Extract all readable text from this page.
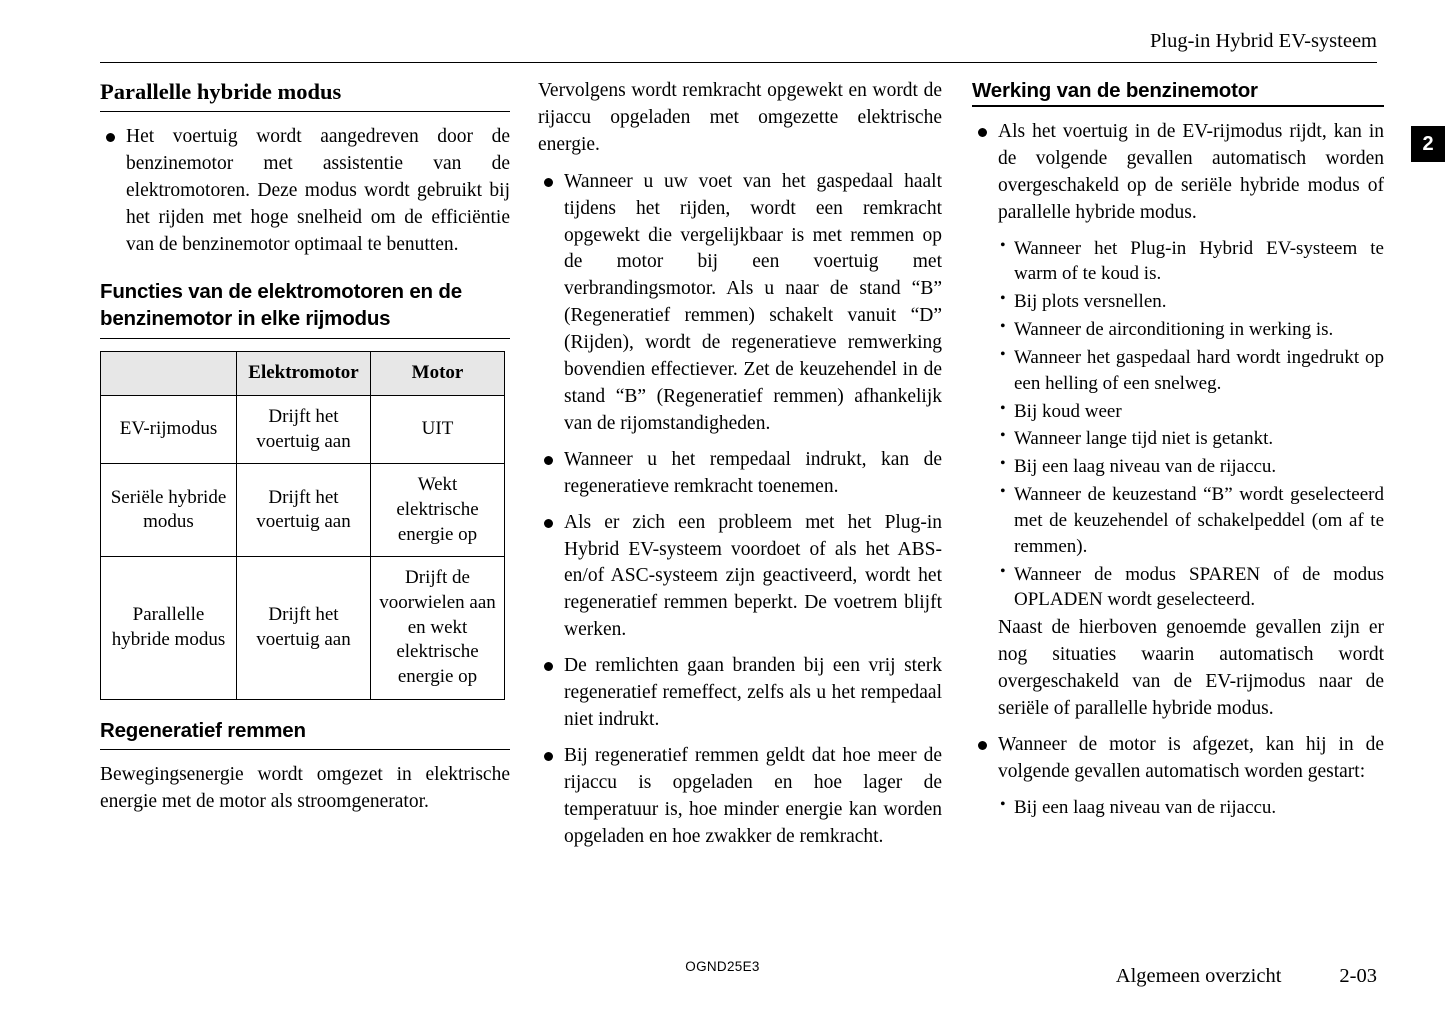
Plug-in Hybrid EV-systeem
2
Parallelle hybride modus
Het voertuig wordt aangedreven door de benzinemotor met assistentie van de elektromotoren. Deze modus wordt gebruikt bij het rijden met hoge snelheid om de efficiëntie van de benzinemotor optimaal te benutten.
Functies van de elektromotoren en de benzinemotor in elke rijmodus
	Elektromotor	Motor
EV-rijmodus	Drijft het voertuig aan	UIT
Seriële hybride modus	Drijft het voertuig aan	Wekt elektrische energie op
Parallelle hybride modus	Drijft het voertuig aan	Drijft de voorwielen aan en wekt elektrische energie op
Regeneratief remmen

Bewegingsenergie wordt omgezet in elektrische energie met de motor als stroomgenerator.

Vervolgens wordt remkracht opgewekt en wordt de rijaccu opgeladen met omgezette elektrische energie.

Wanneer u uw voet van het gaspedaal haalt tijdens het rijden, wordt een remkracht opgewekt die vergelijkbaar is met remmen op de motor bij een voertuig met verbrandingsmotor. Als u naar de stand “B” (Regeneratief remmen) schakelt vanuit “D” (Rijden), wordt de regeneratieve remwerking bovendien effectiever. Zet de keuzehendel in de stand “B” (Regeneratief remmen) afhankelijk van de rijomstandigheden.
Wanneer u het rempedaal indrukt, kan de regeneratieve remkracht toenemen.
Als er zich een probleem met het Plug-in Hybrid EV-systeem voordoet of als het ABS- en/of ASC-systeem zijn geactiveerd, wordt het regeneratief remmen beperkt. De voetrem blijft werken.
De remlichten gaan branden bij een vrij sterk regeneratief remeffect, zelfs als u het rempedaal niet indrukt.
Bij regeneratief remmen geldt dat hoe meer de rijaccu is opgeladen en hoe lager de temperatuur is, hoe minder energie kan worden opgeladen en hoe zwakker de remkracht.
Werking van de benzinemotor
Als het voertuig in de EV-rijmodus rijdt, kan in de volgende gevallen automatisch worden overgeschakeld op de seriële hybride modus of parallelle hybride modus.
• Wanneer het Plug-in Hybrid EV-systeem te warm of te koud is.
• Bij plots versnellen.
• Wanneer de airconditioning in werking is.
• Wanneer het gaspedaal hard wordt ingedrukt op een helling of een snelweg.
• Bij koud weer
• Wanneer lange tijd niet is getankt.
• Bij een laag niveau van de rijaccu.
• Wanneer de keuzestand “B” wordt geselecteerd met de keuzehendel of schakelpeddel (om af te remmen).
• Wanneer de modus SPAREN of de modus OPLADEN wordt geselecteerd.
Naast de hierboven genoemde gevallen zijn er nog situaties waarin automatisch wordt overgeschakeld van de EV-rijmodus naar de seriële of parallelle hybride modus.
Wanneer de motor is afgezet, kan hij in de volgende gevallen automatisch worden gestart:
• Bij een laag niveau van de rijaccu.
OGND25E3	Algemeen overzicht	2-03
